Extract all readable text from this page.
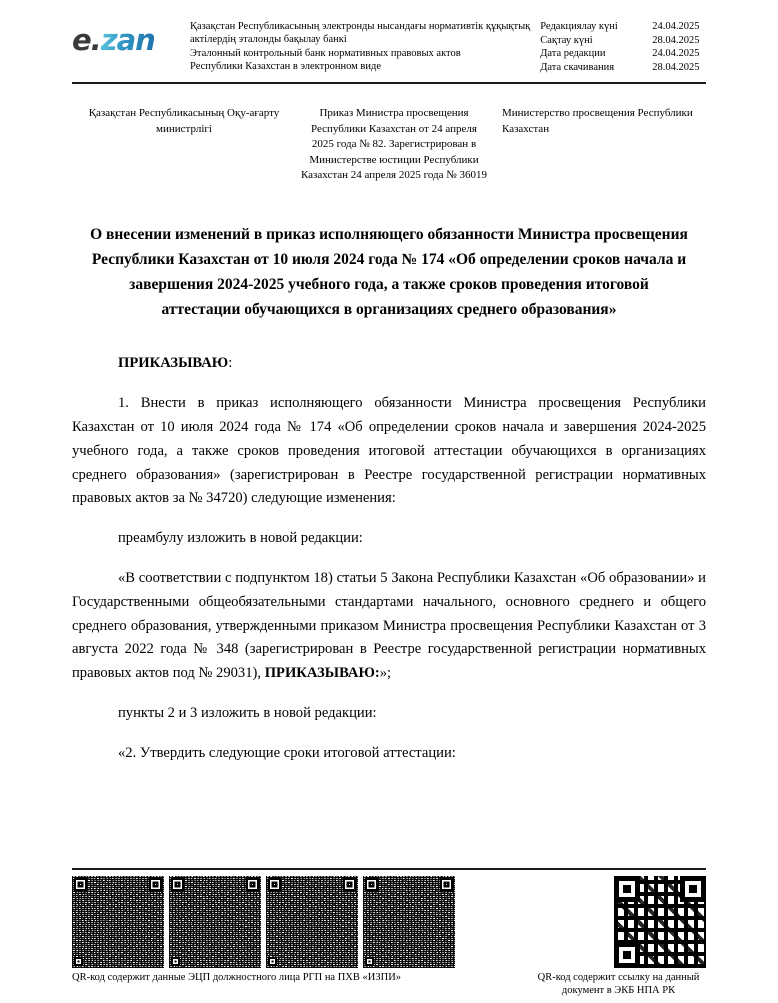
e.zan	Қазақстан Республикасының электронды нысандағы нормативтік құқықтық
актілердің эталонды бақылау банкі
Эталонный контрольный банк нормативных правовых актов
Республики Казахстан в электронном виде
Редакциялау күні	24.04.2025
Сақтау күні	28.04.2025
Дата редакции	24.04.2025
Дата скачивания	28.04.2025
Қазақстан Республикасының Оқу-ағарту министрлігі
Приказ Министра просвещения Республики Казахстан от 24 апреля 2025 года № 82. Зарегистрирован в Министерстве юстиции Республики Казахстан 24 апреля 2025 года № 36019
Министерство просвещения Республики Казахстан
О внесении изменений в приказ исполняющего обязанности Министра просвещения Республики Казахстан от 10 июля 2024 года № 174 «Об определении сроков начала и завершения 2024-2025 учебного года, а также сроков проведения итоговой аттестации обучающихся в организациях среднего образования»

ПРИКАЗЫВАЮ:

1. Внести в приказ исполняющего обязанности Министра просвещения Республики Казахстан от 10 июля 2024 года № 174 «Об определении сроков начала и завершения 2024-2025 учебного года, а также сроков проведения итоговой аттестации обучающихся в организациях среднего образования» (зарегистрирован в Реестре государственной регистрации нормативных правовых актов за № 34720) следующие изменения:

преамбулу изложить в новой редакции:

«В соответствии с подпунктом 18) статьи 5 Закона Республики Казахстан «Об образовании» и Государственными общеобязательными стандартами начального, основного среднего и общего среднего образования, утвержденными приказом Министра просвещения Республики Казахстан от 3 августа 2022 года № 348 (зарегистрирован в Реестре государственной регистрации нормативных правовых актов под № 29031), ПРИКАЗЫВАЮ:»;

пункты 2 и 3 изложить в новой редакции:

«2. Утвердить следующие сроки итоговой аттестации:

QR-код содержит данные ЭЦП должностного лица РГП на ПХВ «ИЗПИ»	QR-код содержит ссылку на данный документ в ЭКБ НПА РК
